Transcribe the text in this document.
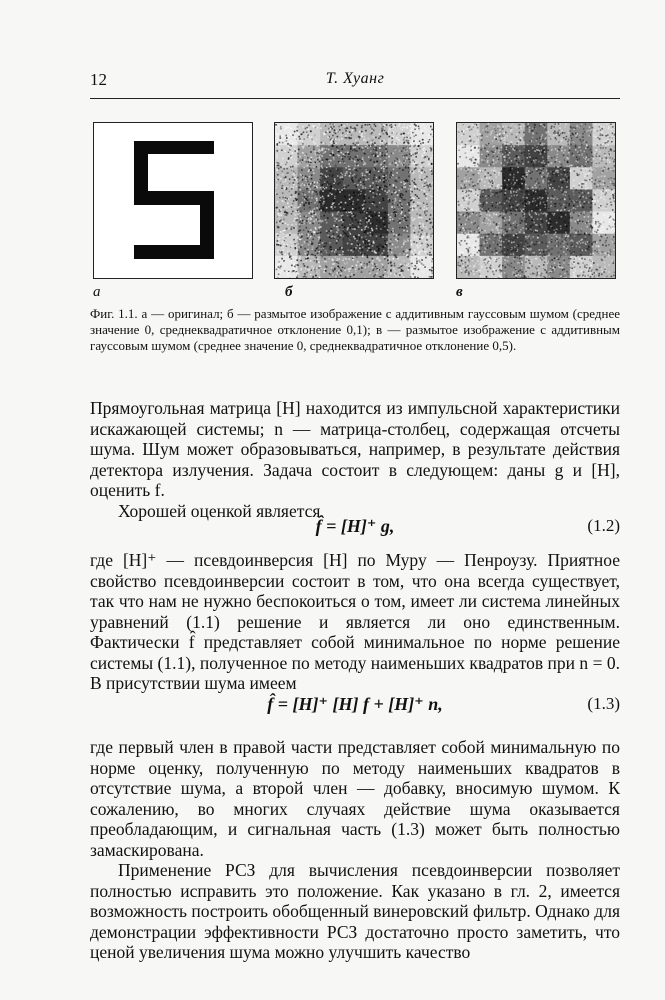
12	Т. Хуанг
а	б	в

Фиг. 1.1. а — оригинал; б — размытое изображение с аддитивным гауссовым шумом (среднее значение 0, среднеквадратичное отклонение 0,1); в — размытое изображение с аддитивным гауссовым шумом (среднее значение 0, среднеквадратичное отклонение 0,5).

Прямоугольная матрица [H] находится из импульсной характеристики искажающей системы; n — матрица-столбец, содержащая отсчеты шума. Шум может образовываться, например, в результате действия детектора излучения. Задача состоит в следующем: даны g и [H], оценить f.

Хорошей оценкой является

f̂ = [H]⁺ g,	(1.2)

где [H]⁺ — псевдоинверсия [H] по Муру — Пенроузу. Приятное свойство псевдоинверсии состоит в том, что она всегда существует, так что нам не нужно беспокоиться о том, имеет ли система линейных уравнений (1.1) решение и является ли оно единственным. Фактически f̂ представляет собой минимальное по норме решение системы (1.1), полученное по методу наименьших квадратов при n = 0. В присутствии шума имеем

f̂ = [H]⁺ [H] f + [H]⁺ n,	(1.3)

где первый член в правой части представляет собой минимальную по норме оценку, полученную по методу наименьших квадратов в отсутствие шума, а второй член — добавку, вносимую шумом. К сожалению, во многих случаях действие шума оказывается преобладающим, и сигнальная часть (1.3) может быть полностью замаскирована.

Применение РСЗ для вычисления псевдоинверсии позволяет полностью исправить это положение. Как указано в гл. 2, имеется возможность построить обобщенный винеровский фильтр. Однако для демонстрации эффективности РСЗ достаточно просто заметить, что ценой увеличения шума можно улучшить качество
